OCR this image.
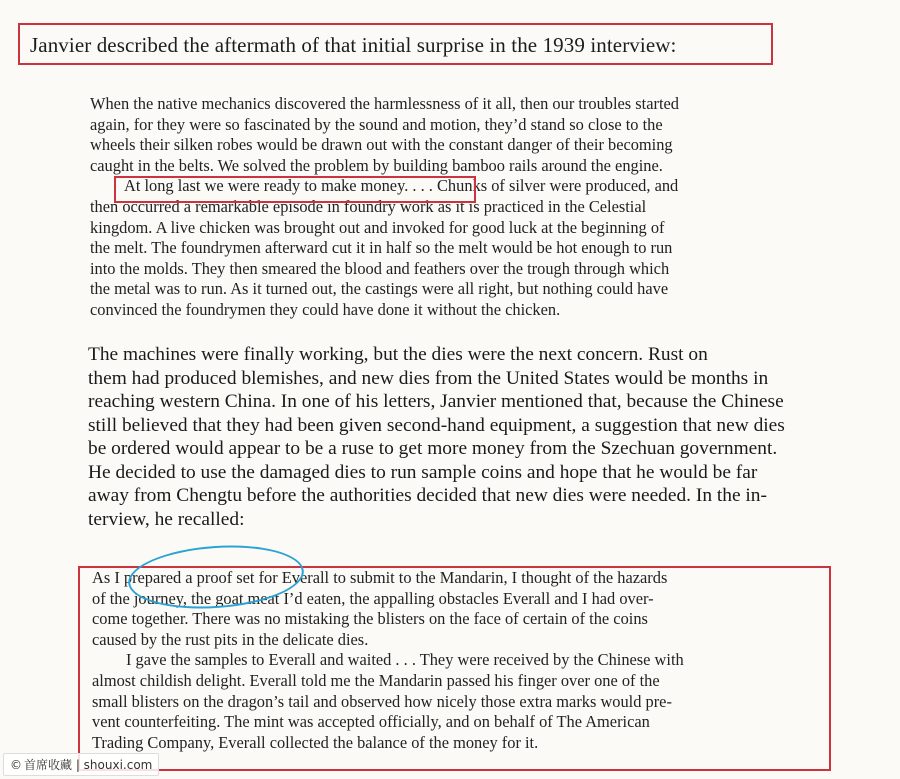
Janvier described the aftermath of that initial surprise in the 1939 interview:
When the native mechanics discovered the harmlessness of it all, then our troubles started
again, for they were so fascinated by the sound and motion, they’d stand so close to the
wheels their silken robes would be drawn out with the constant danger of their becoming
caught in the belts. We solved the problem by building bamboo rails around the engine.
At long last we were ready to make money. . . . Chunks of silver were produced, and
then occurred a remarkable episode in foundry work as it is practiced in the Celestial
kingdom. A live chicken was brought out and invoked for good luck at the beginning of
the melt. The foundrymen afterward cut it in half so the melt would be hot enough to run
into the molds. They then smeared the blood and feathers over the trough through which
the metal was to run. As it turned out, the castings were all right, but nothing could have
convinced the foundrymen they could have done it without the chicken.
The machines were finally working, but the dies were the next concern. Rust on
them had produced blemishes, and new dies from the United States would be months in
reaching western China. In one of his letters, Janvier mentioned that, because the Chinese
still believed that they had been given second-hand equipment, a suggestion that new dies
be ordered would appear to be a ruse to get more money from the Szechuan government.
He decided to use the damaged dies to run sample coins and hope that he would be far
away from Chengtu before the authorities decided that new dies were needed. In the in-
terview, he recalled:
As I prepared a proof set for Everall to submit to the Mandarin, I thought of the hazards
of the journey, the goat meat I’d eaten, the appalling obstacles Everall and I had over-
come together. There was no mistaking the blisters on the face of certain of the coins
caused by the rust pits in the delicate dies.
I gave the samples to Everall and waited . . . They were received by the Chinese with
almost childish delight. Everall told me the Mandarin passed his finger over one of the
small blisters on the dragon’s tail and observed how nicely those extra marks would pre-
vent counterfeiting. The mint was accepted officially, and on behalf of The American
Trading Company, Everall collected the balance of the money for it.
© 首席收藏 | shouxi.com
